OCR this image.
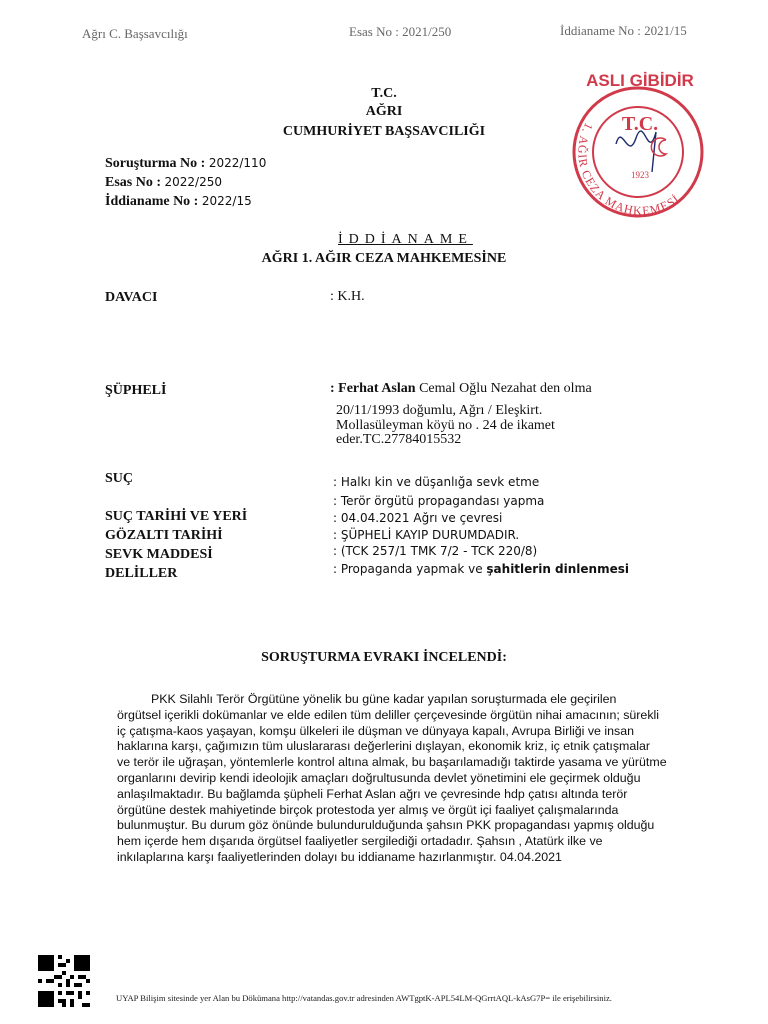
Ağrı C. Başsavcılığı	Esas No : 2021/250	İddianame No : 2021/15
ASLI GİBİDİR
T.C.
1. AĞIR CEZA MAHKEMESİ
1923
T.C.
AĞRI
CUMHURİYET BAŞSAVCILIĞI
Soruşturma No : 2022/110
Esas No : 2022/250
İddianame No : 2022/15
İDDİANAME
AĞRI 1. AĞIR CEZA MAHKEMESİNE
DAVACI	: K.H.
ŞÜPHELİ	: Ferhat Aslan Cemal Oğlu Nezahat den olma
20/11/1993 doğumlu, Ağrı / Eleşkirt.
Mollasüleyman köyü no . 24 de ikamet
eder.TC.27784015532
SUÇ	: Halkı kin ve düşanlığa sevk etme
: Terör örgütü propagandası yapma
SUÇ TARİHİ VE YERİ	: 04.04.2021 Ağrı ve çevresi
GÖZALTI TARİHİ	: ŞÜPHELİ KAYIP DURUMDADIR.
SEVK MADDESİ	: (TCK 257/1 TMK 7/2 - TCK 220/8)
DELİLLER	: Propaganda yapmak ve şahitlerin dinlenmesi
SORUŞTURMA EVRAKI İNCELENDİ:
PKK Silahlı Terör Örgütüne yönelik bu güne kadar yapılan soruşturmada ele geçirilen
örgütsel içerikli dokümanlar ve elde edilen tüm deliller çerçevesinde örgütün nihai amacının; sürekli
iç çatışma-kaos yaşayan, komşu ülkeleri ile düşman ve dünyaya kapalı, Avrupa Birliği ve insan
haklarına karşı, çağımızın tüm uluslararası değerlerini dışlayan, ekonomik kriz, iç etnik çatışmalar
ve terör ile uğraşan, yöntemlerle kontrol altına almak, bu başarılamadığı taktirde yasama ve yürütme
organlarını devirip kendi ideolojik amaçları doğrultusunda devlet yönetimini ele geçirmek olduğu
anlaşılmaktadır. Bu bağlamda şüpheli Ferhat Aslan ağrı ve çevresinde hdp çatısı altında terör
örgütüne destek mahiyetinde birçok protestoda yer almış ve örgüt içi faaliyet çalışmalarında
bulunmuştur. Bu durum göz önünde bulundurulduğunda şahsın PKK propagandası yapmış olduğu
hem içerde hem dışarıda örgütsel faaliyetler sergilediği ortadadır. Şahsın , Atatürk ilke ve
inkılaplarına karşı faaliyetlerinden dolayı bu iddianame hazırlanmıştır. 04.04.2021
UYAP Bilişim sitesinde yer Alan bu Dökümana http://vatandas.gov.tr adresinden AWTgptK-APL54LM-QGrrtAQL-kAsG7P= ile erişebilirsiniz.
